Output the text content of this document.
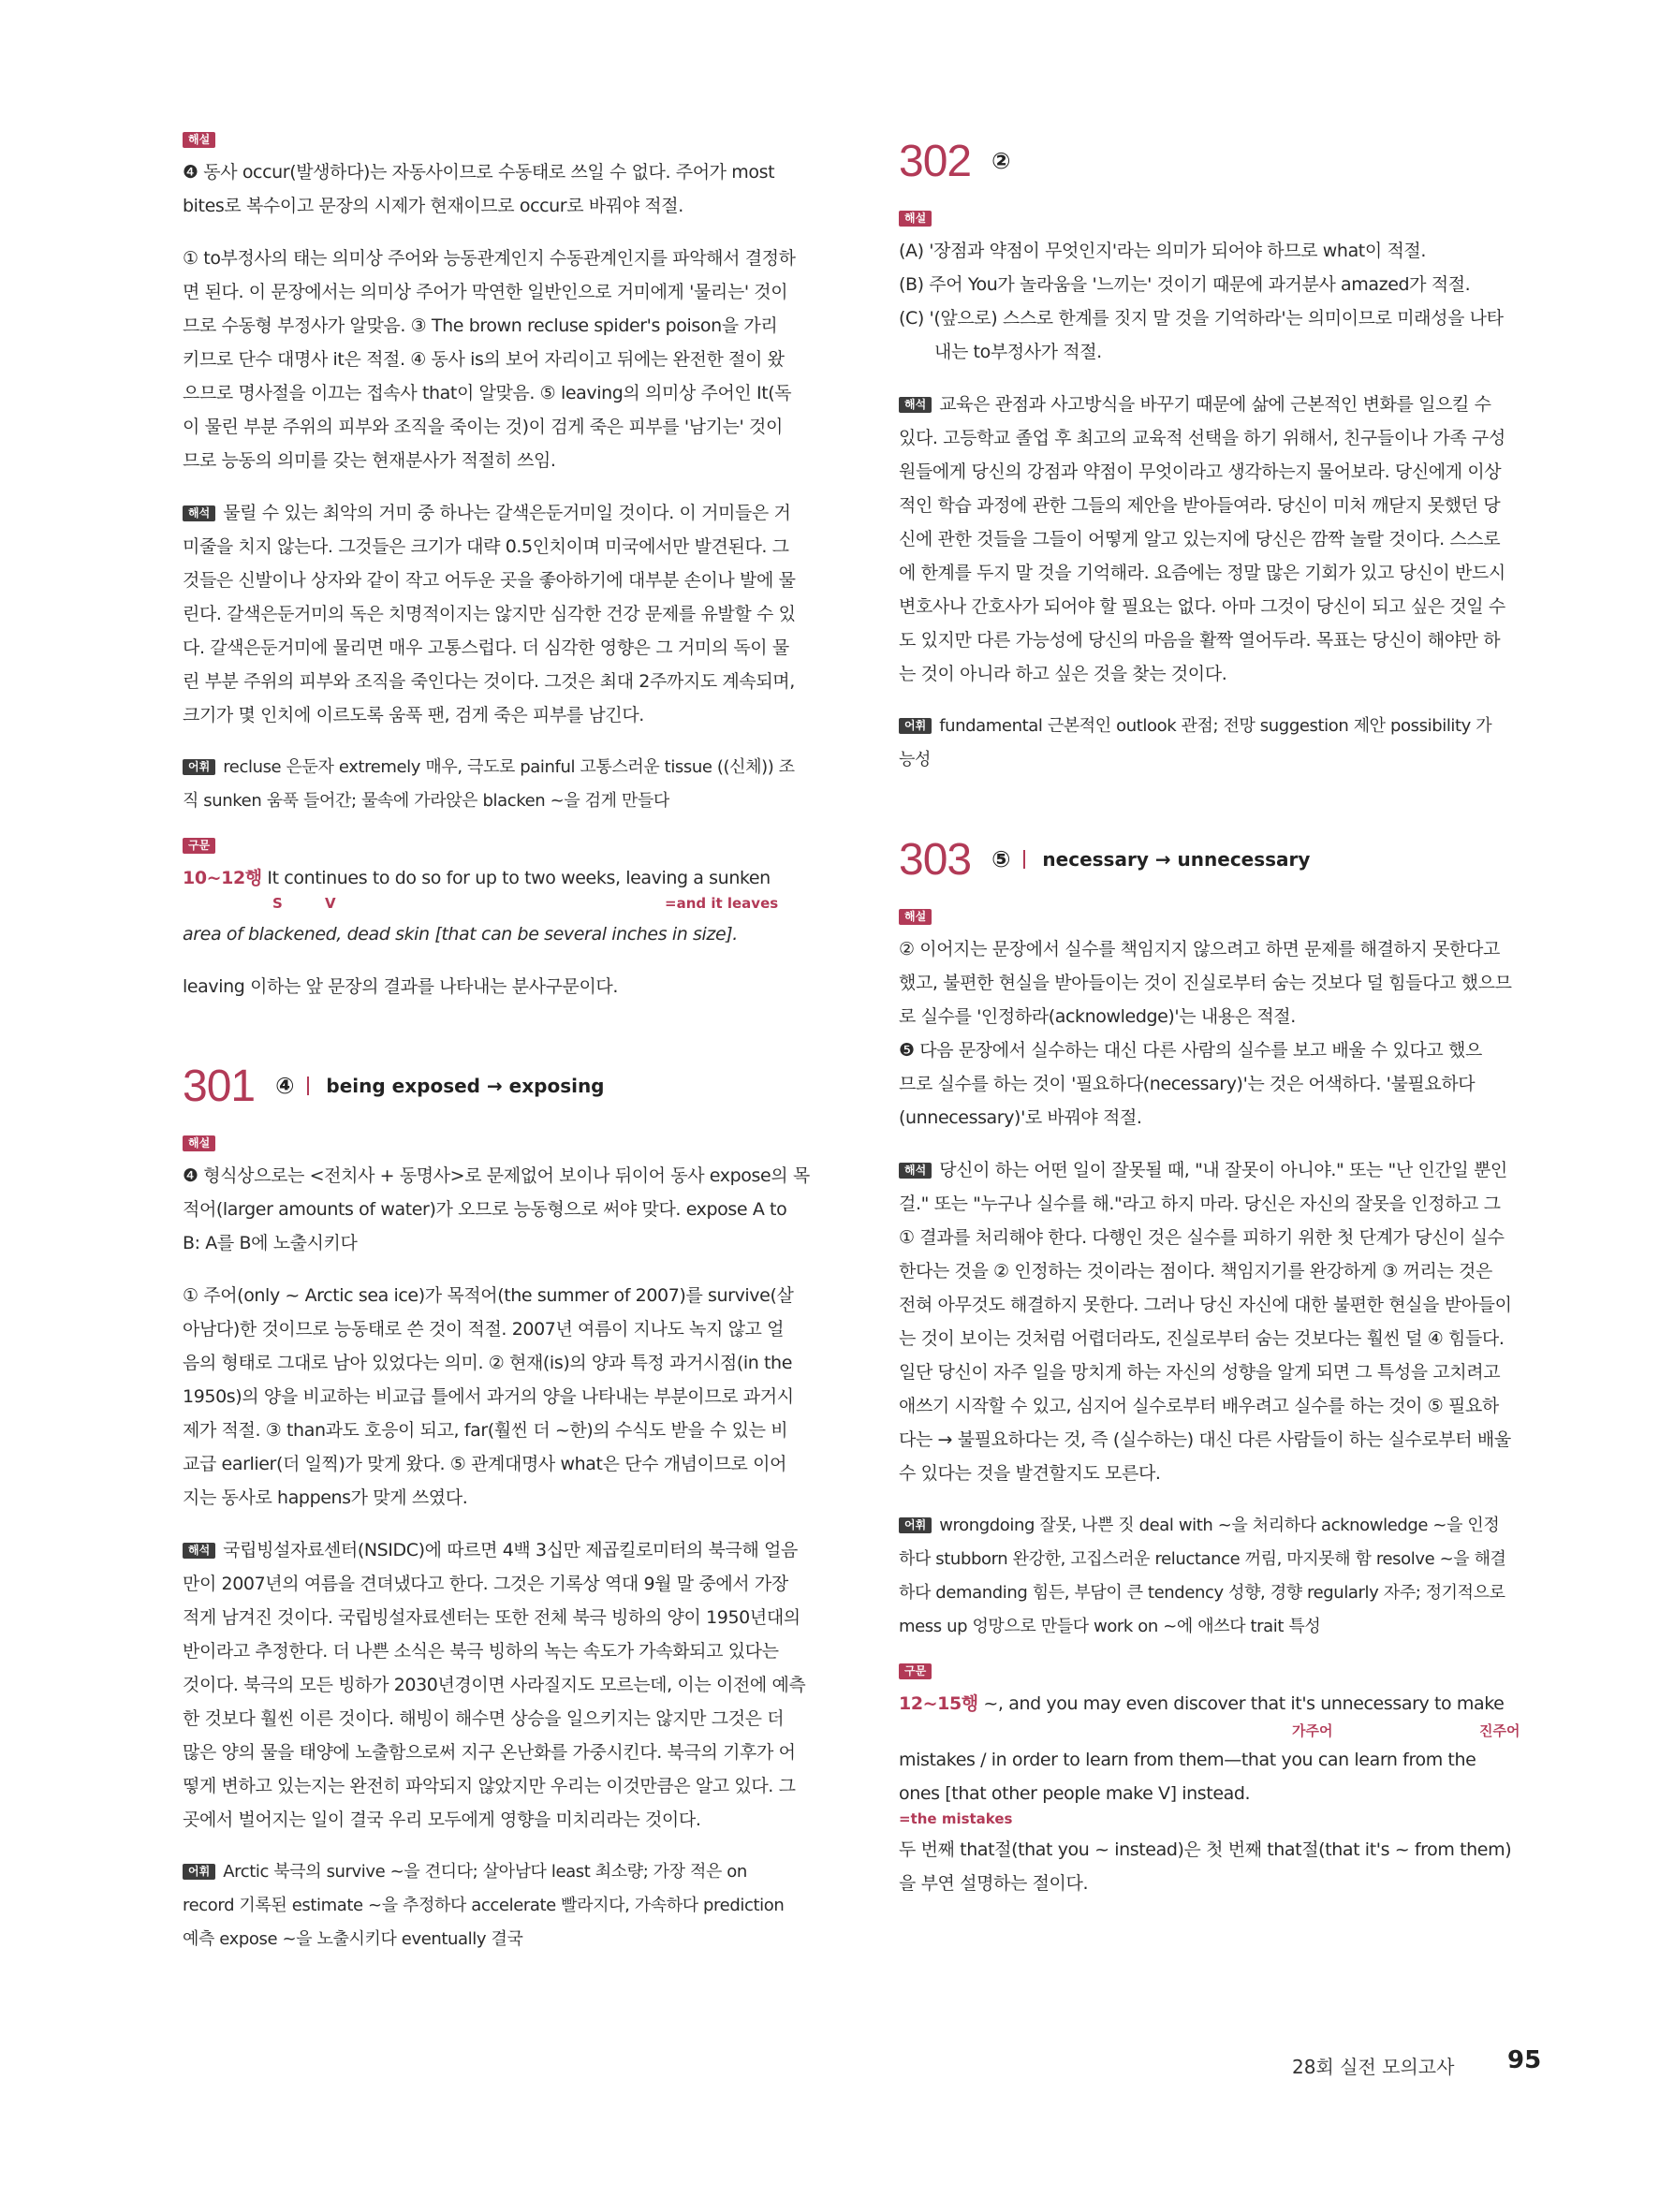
해설

❹ 동사 occur(발생하다)는 자동사이므로 수동태로 쓰일 수 없다. 주어가 most

bites로 복수이고 문장의 시제가 현재이므로 occur로 바꿔야 적절.

① to부정사의 태는 의미상 주어와 능동관계인지 수동관계인지를 파악해서 결정하

면 된다. 이 문장에서는 의미상 주어가 막연한 일반인으로 거미에게 '물리는' 것이

므로 수동형 부정사가 알맞음. ③ The brown recluse spider's poison을 가리

키므로 단수 대명사 it은 적절. ④ 동사 is의 보어 자리이고 뒤에는 완전한 절이 왔

으므로 명사절을 이끄는 접속사 that이 알맞음. ⑤ leaving의 의미상 주어인 It(독

이 물린 부분 주위의 피부와 조직을 죽이는 것)이 검게 죽은 피부를 '남기는' 것이

므로 능동의 의미를 갖는 현재분사가 적절히 쓰임.

해석 물릴 수 있는 최악의 거미 중 하나는 갈색은둔거미일 것이다. 이 거미들은 거

미줄을 치지 않는다. 그것들은 크기가 대략 0.5인치이며 미국에서만 발견된다. 그

것들은 신발이나 상자와 같이 작고 어두운 곳을 좋아하기에 대부분 손이나 발에 물

린다. 갈색은둔거미의 독은 치명적이지는 않지만 심각한 건강 문제를 유발할 수 있

다. 갈색은둔거미에 물리면 매우 고통스럽다. 더 심각한 영향은 그 거미의 독이 물

린 부분 주위의 피부와 조직을 죽인다는 것이다. 그것은 최대 2주까지도 계속되며,

크기가 몇 인치에 이르도록 움푹 팬, 검게 죽은 피부를 남긴다.

어휘 recluse 은둔자 extremely 매우, 극도로 painful 고통스러운 tissue ((신체)) 조

직 sunken 움푹 들어간; 물속에 가라앉은 blacken ~을 검게 만들다

구문

10~12행 It continues to do so for up to two weeks, leaving a sunken

S	V	=and it leaves

area of blackened, dead skin [that can be several inches in size].

leaving 이하는 앞 문장의 결과를 나타내는 분사구문이다.

301 ④ being exposed → exposing
해설

❹ 형식상으로는 <전치사 + 동명사>로 문제없어 보이나 뒤이어 동사 expose의 목

적어(larger amounts of water)가 오므로 능동형으로 써야 맞다. expose A to

B: A를 B에 노출시키다

① 주어(only ~ Arctic sea ice)가 목적어(the summer of 2007)를 survive(살

아남다)한 것이므로 능동태로 쓴 것이 적절. 2007년 여름이 지나도 녹지 않고 얼

음의 형태로 그대로 남아 있었다는 의미. ② 현재(is)의 양과 특정 과거시점(in the

1950s)의 양을 비교하는 비교급 틀에서 과거의 양을 나타내는 부분이므로 과거시

제가 적절. ③ than과도 호응이 되고, far(훨씬 더 ~한)의 수식도 받을 수 있는 비

교급 earlier(더 일찍)가 맞게 왔다. ⑤ 관계대명사 what은 단수 개념이므로 이어

지는 동사로 happens가 맞게 쓰였다.

해석 국립빙설자료센터(NSIDC)에 따르면 4백 3십만 제곱킬로미터의 북극해 얼음

만이 2007년의 여름을 견뎌냈다고 한다. 그것은 기록상 역대 9월 말 중에서 가장

적게 남겨진 것이다. 국립빙설자료센터는 또한 전체 북극 빙하의 양이 1950년대의

반이라고 추정한다. 더 나쁜 소식은 북극 빙하의 녹는 속도가 가속화되고 있다는

것이다. 북극의 모든 빙하가 2030년경이면 사라질지도 모르는데, 이는 이전에 예측

한 것보다 훨씬 이른 것이다. 해빙이 해수면 상승을 일으키지는 않지만 그것은 더

많은 양의 물을 태양에 노출함으로써 지구 온난화를 가중시킨다. 북극의 기후가 어

떻게 변하고 있는지는 완전히 파악되지 않았지만 우리는 이것만큼은 알고 있다. 그

곳에서 벌어지는 일이 결국 우리 모두에게 영향을 미치리라는 것이다.

어휘 Arctic 북극의 survive ~을 견디다; 살아남다 least 최소량; 가장 적은 on

record 기록된 estimate ~을 추정하다 accelerate 빨라지다, 가속하다 prediction

예측 expose ~을 노출시키다 eventually 결국

302 ②
해설

(A) '장점과 약점이 무엇인지'라는 의미가 되어야 하므로 what이 적절.

(B) 주어 You가 놀라움을 '느끼는' 것이기 때문에 과거분사 amazed가 적절.

(C) '(앞으로) 스스로 한계를 짓지 말 것을 기억하라'는 의미이므로 미래성을 나타

내는 to부정사가 적절.

해석 교육은 관점과 사고방식을 바꾸기 때문에 삶에 근본적인 변화를 일으킬 수

있다. 고등학교 졸업 후 최고의 교육적 선택을 하기 위해서, 친구들이나 가족 구성

원들에게 당신의 강점과 약점이 무엇이라고 생각하는지 물어보라. 당신에게 이상

적인 학습 과정에 관한 그들의 제안을 받아들여라. 당신이 미처 깨닫지 못했던 당

신에 관한 것들을 그들이 어떻게 알고 있는지에 당신은 깜짝 놀랄 것이다. 스스로

에 한계를 두지 말 것을 기억해라. 요즘에는 정말 많은 기회가 있고 당신이 반드시

변호사나 간호사가 되어야 할 필요는 없다. 아마 그것이 당신이 되고 싶은 것일 수

도 있지만 다른 가능성에 당신의 마음을 활짝 열어두라. 목표는 당신이 해야만 하

는 것이 아니라 하고 싶은 것을 찾는 것이다.

어휘 fundamental 근본적인 outlook 관점; 전망 suggestion 제안 possibility 가

능성

303 ⑤ necessary → unnecessary
해설

② 이어지는 문장에서 실수를 책임지지 않으려고 하면 문제를 해결하지 못한다고

했고, 불편한 현실을 받아들이는 것이 진실로부터 숨는 것보다 덜 힘들다고 했으므

로 실수를 '인정하라(acknowledge)'는 내용은 적절.

❺ 다음 문장에서 실수하는 대신 다른 사람의 실수를 보고 배울 수 있다고 했으

므로 실수를 하는 것이 '필요하다(necessary)'는 것은 어색하다. '불필요하다

(unnecessary)'로 바꿔야 적절.

해석 당신이 하는 어떤 일이 잘못될 때, "내 잘못이 아니야." 또는 "난 인간일 뿐인

걸." 또는 "누구나 실수를 해."라고 하지 마라. 당신은 자신의 잘못을 인정하고 그

① 결과를 처리해야 한다. 다행인 것은 실수를 피하기 위한 첫 단계가 당신이 실수

한다는 것을 ② 인정하는 것이라는 점이다. 책임지기를 완강하게 ③ 꺼리는 것은

전혀 아무것도 해결하지 못한다. 그러나 당신 자신에 대한 불편한 현실을 받아들이

는 것이 보이는 것처럼 어렵더라도, 진실로부터 숨는 것보다는 훨씬 덜 ④ 힘들다.

일단 당신이 자주 일을 망치게 하는 자신의 성향을 알게 되면 그 특성을 고치려고

애쓰기 시작할 수 있고, 심지어 실수로부터 배우려고 실수를 하는 것이 ⑤ 필요하

다는 → 불필요하다는 것, 즉 (실수하는) 대신 다른 사람들이 하는 실수로부터 배울

수 있다는 것을 발견할지도 모른다.

어휘 wrongdoing 잘못, 나쁜 짓 deal with ~을 처리하다 acknowledge ~을 인정

하다 stubborn 완강한, 고집스러운 reluctance 꺼림, 마지못해 함 resolve ~을 해결

하다 demanding 힘든, 부담이 큰 tendency 성향, 경향 regularly 자주; 정기적으로

mess up 엉망으로 만들다 work on ~에 애쓰다 trait 특성

구문

12~15행 ~, and you may even discover that it's unnecessary to make

가주어	진주어

mistakes / in order to learn from them—that you can learn from the

ones [that other people make V] instead.

=the mistakes

두 번째 that절(that you ~ instead)은 첫 번째 that절(that it's ~ from them)

을 부연 설명하는 절이다.

28회 실전 모의고사 95
